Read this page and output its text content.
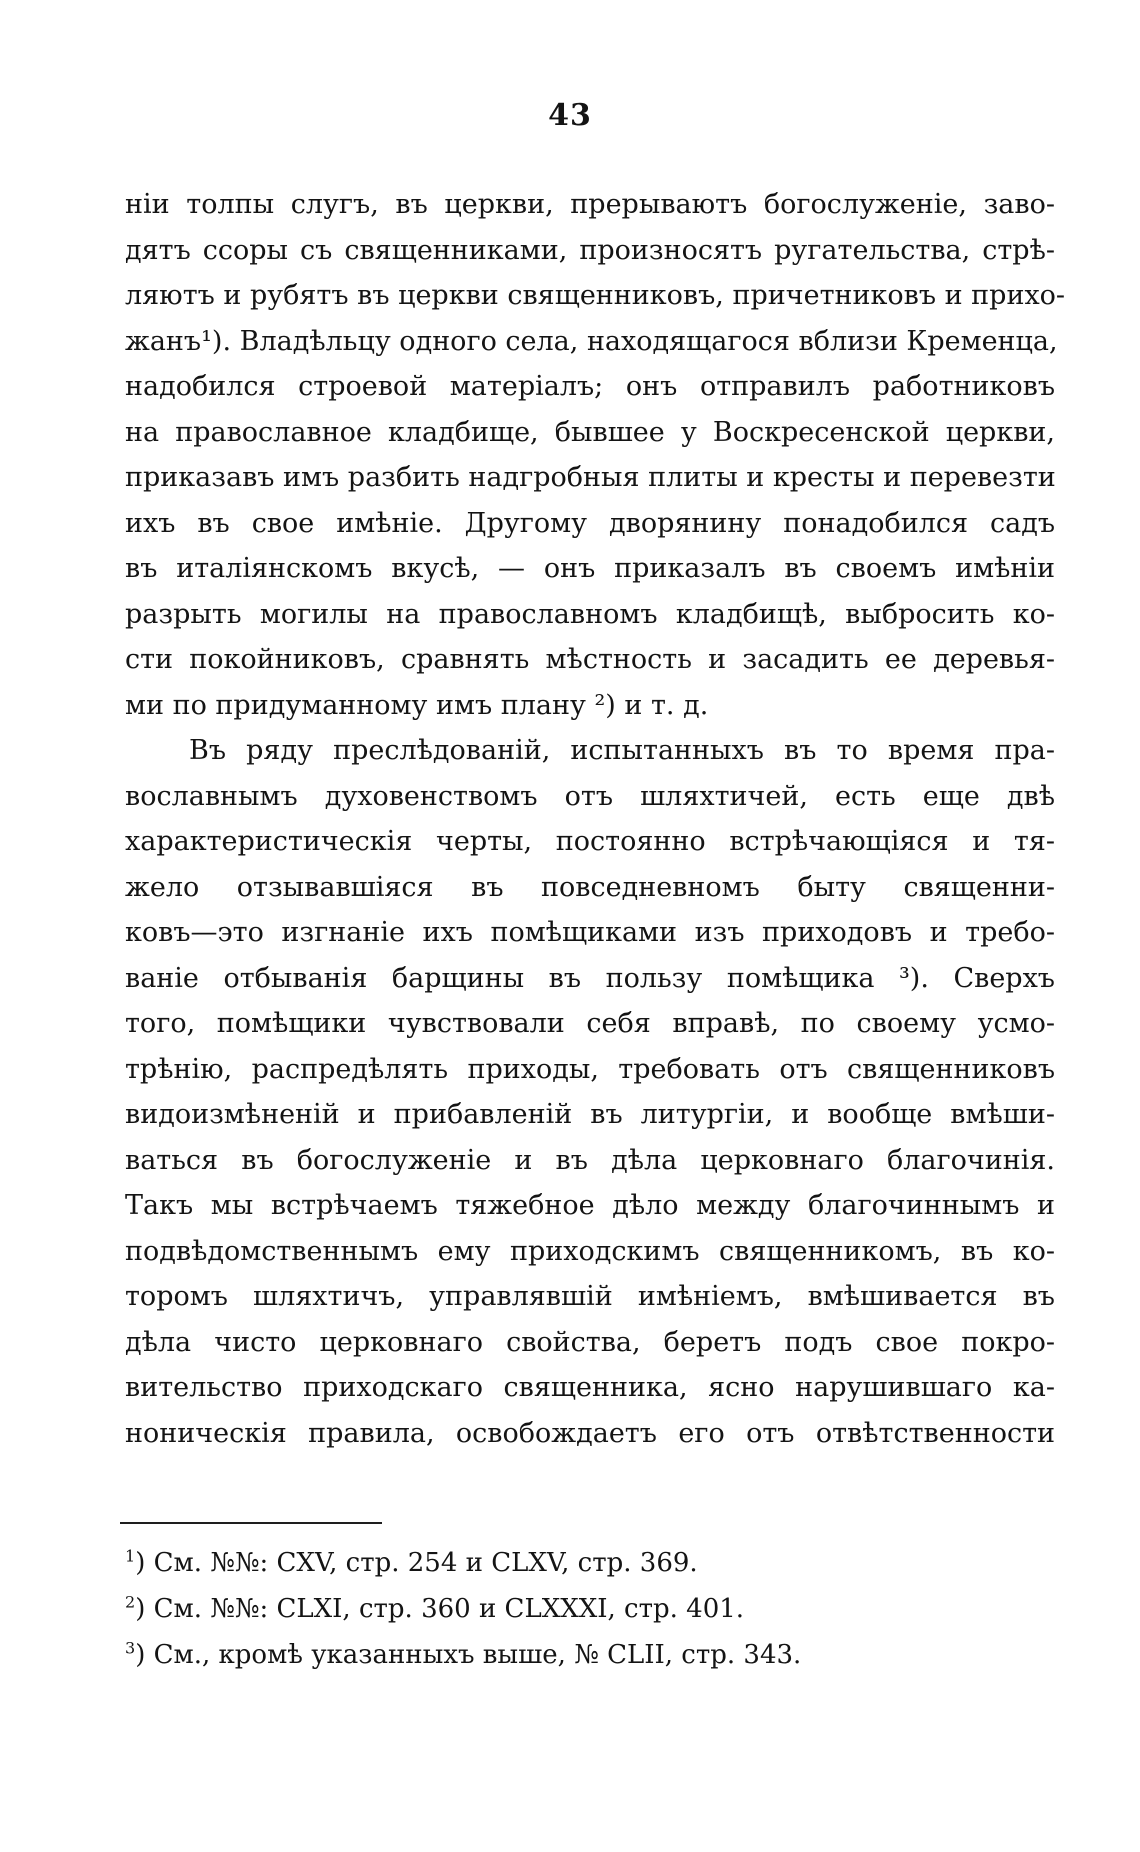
43
нiи толпы слугъ, въ церкви, прерываютъ богослуженiе, заво-
дятъ ссоры съ священниками, произносятъ ругательства, стрѣ-
ляютъ и рубятъ въ церкви священниковъ, причетниковъ и прихо-
жанъ¹). Владѣльцу одного села, находящагося вблизи Кременца,
надобился строевой матерiалъ; онъ отправилъ работниковъ
на православное кладбище, бывшее у Воскресенской церкви,
приказавъ имъ разбить надгробныя плиты и кресты и перевезти
ихъ въ свое имѣнiе. Другому дворянину понадобился садъ
въ италiянскомъ вкусѣ, — онъ приказалъ въ своемъ имѣнiи
разрыть могилы на православномъ кладбищѣ, выбросить ко-
сти покойниковъ, сравнять мѣстность и засадить ее деревья-
ми по придуманному имъ плану ²) и т. д.
Въ ряду преслѣдованiй, испытанныхъ въ то время пра-
вославнымъ духовенствомъ отъ шляхтичей, есть еще двѣ
характеристическiя черты, постоянно встрѣчающiяся и тя-
жело отзывавшiяся въ повседневномъ быту священни-
ковъ—это изгнанiе ихъ помѣщиками изъ приходовъ и требо-
ванiе отбыванiя барщины въ пользу помѣщика ³). Сверхъ
того, помѣщики чувствовали себя вправѣ, по своему усмо-
трѣнiю, распредѣлять приходы, требовать отъ священниковъ
видоизмѣненiй и прибавленiй въ литургiи, и вообще вмѣши-
ваться въ богослуженiе и въ дѣла церковнаго благочинiя.
Такъ мы встрѣчаемъ тяжебное дѣло между благочиннымъ и
подвѣдомственнымъ ему приходскимъ священникомъ, въ ко-
торомъ шляхтичъ, управлявшiй имѣнiемъ, вмѣшивается въ
дѣла чисто церковнаго свойства, беретъ подъ свое покро-
вительство приходскаго священника, ясно нарушившаго ка-
ноническiя правила, освобождаетъ его отъ отвѣтственности
$^1$) См. №№: CXV, стр. 254 и CLXV, стр. 369.
$^2$) См. №№: CLXI, стр. 360 и CLXXXI, стр. 401.
$^3$) См., кромѣ указанныхъ выше, № CLII, стр. 343.
